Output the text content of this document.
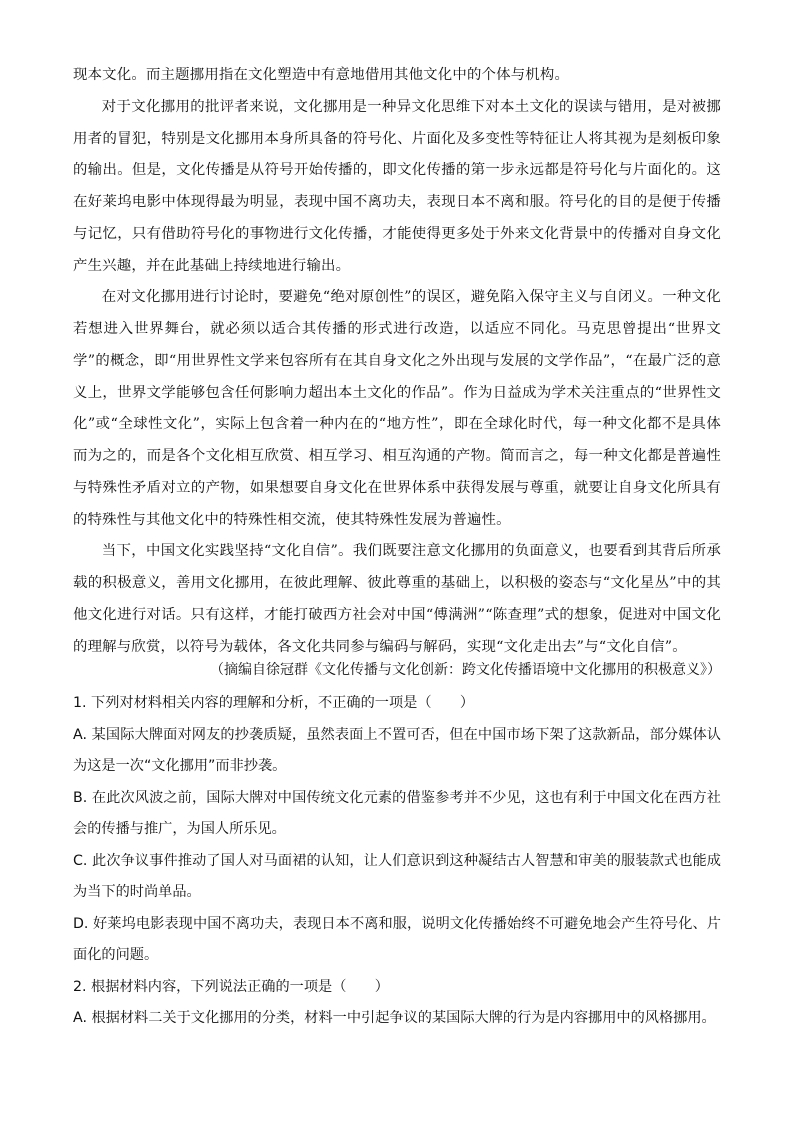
现本文化。而主题挪用指在文化塑造中有意地借用其他文化中的个体与机构。

对于文化挪用的批评者来说，文化挪用是一种异文化思维下对本土文化的误读与错用，是对被挪用者的冒犯，特别是文化挪用本身所具备的符号化、片面化及多变性等特征让人将其视为是刻板印象的输出。但是，文化传播是从符号开始传播的，即文化传播的第一步永远都是符号化与片面化的。这在好莱坞电影中体现得最为明显，表现中国不离功夫，表现日本不离和服。符号化的目的是便于传播与记忆，只有借助符号化的事物进行文化传播，才能使得更多处于外来文化背景中的传播对自身文化产生兴趣，并在此基础上持续地进行输出。

在对文化挪用进行讨论时，要避免“绝对原创性”的误区，避免陷入保守主义与自闭义。一种文化若想进入世界舞台，就必须以适合其传播的形式进行改造，以适应不同化。马克思曾提出“世界文学”的概念，即“用世界性文学来包容所有在其自身文化之外出现与发展的文学作品”，“在最广泛的意义上，世界文学能够包含任何影响力超出本土文化的作品”。作为日益成为学术关注重点的“世界性文化”或“全球性文化”，实际上包含着一种内在的“地方性”，即在全球化时代，每一种文化都不是具体而为之的，而是各个文化相互欣赏、相互学习、相互沟通的产物。简而言之，每一种文化都是普遍性与特殊性矛盾对立的产物，如果想要自身文化在世界体系中获得发展与尊重，就要让自身文化所具有的特殊性与其他文化中的特殊性相交流，使其特殊性发展为普遍性。

当下，中国文化实践坚持“文化自信”。我们既要注意文化挪用的负面意义，也要看到其背后所承载的积极意义，善用文化挪用，在彼此理解、彼此尊重的基础上，以积极的姿态与“文化星丛”中的其他文化进行对话。只有这样，才能打破西方社会对中国“傅满洲”“陈查理”式的想象，促进对中国文化的理解与欣赏，以符号为载体，各文化共同参与编码与解码，实现“文化走出去”与“文化自信”。

（摘编自徐冠群《文化传播与文化创新：跨文化传播语境中文化挪用的积极意义》）

1. 下列对材料相关内容的理解和分析，不正确的一项是（　　）

A. 某国际大牌面对网友的抄袭质疑，虽然表面上不置可否，但在中国市场下架了这款新品，部分媒体认为这是一次“文化挪用”而非抄袭。

B. 在此次风波之前，国际大牌对中国传统文化元素的借鉴参考并不少见，这也有利于中国文化在西方社会的传播与推广，为国人所乐见。

C. 此次争议事件推动了国人对马面裙的认知，让人们意识到这种凝结古人智慧和审美的服装款式也能成为当下的时尚单品。

D. 好莱坞电影表现中国不离功夫，表现日本不离和服，说明文化传播始终不可避免地会产生符号化、片面化的问题。

2. 根据材料内容，下列说法正确的一项是（　　）

A. 根据材料二关于文化挪用的分类，材料一中引起争议的某国际大牌的行为是内容挪用中的风格挪用。
